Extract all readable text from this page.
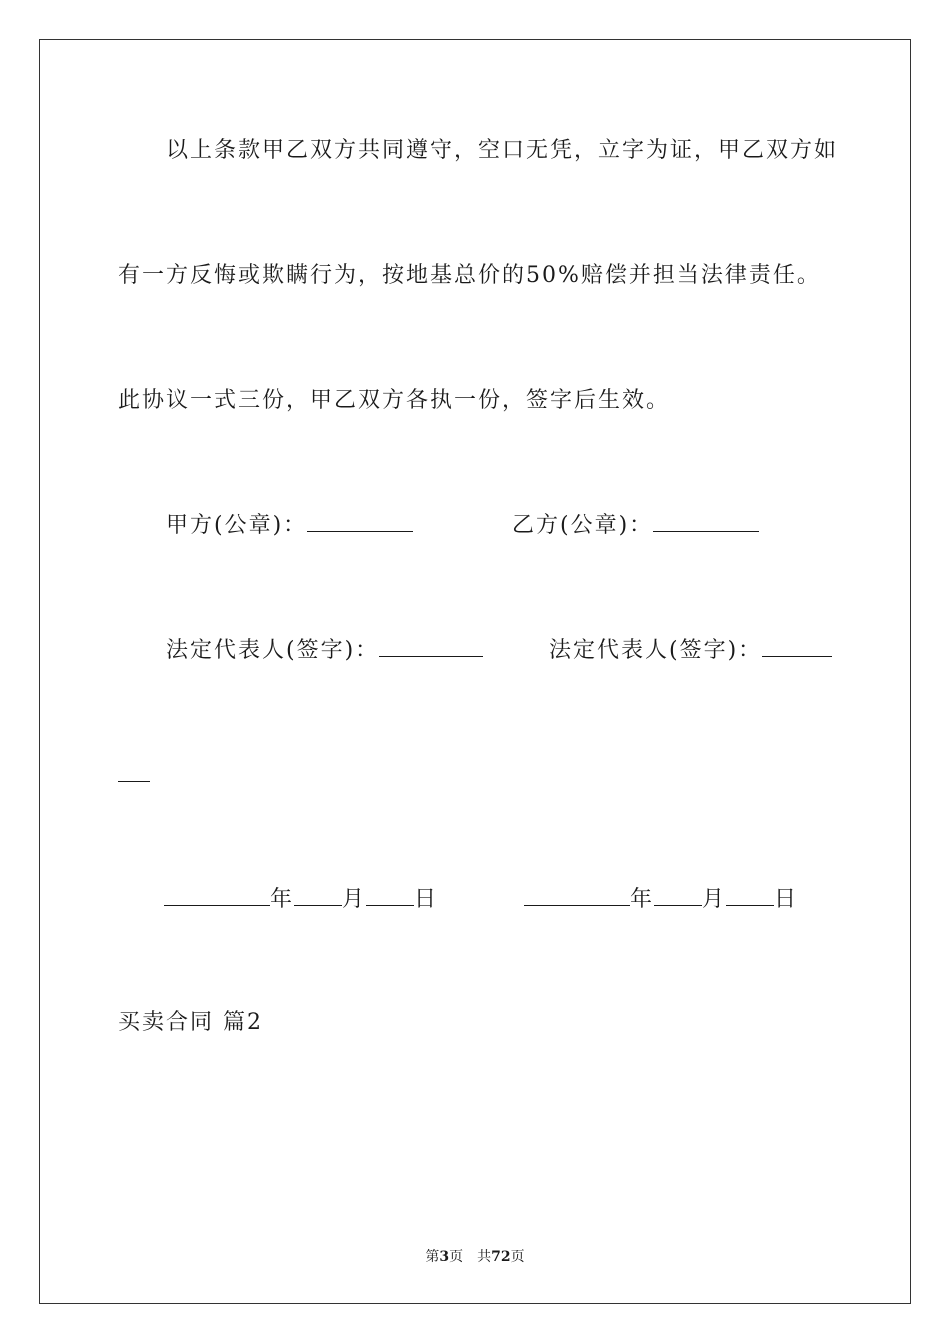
以上条款甲乙双方共同遵守，空口无凭，立字为证，甲乙双方如
有一方反悔或欺瞒行为，按地基总价的50%赔偿并担当法律责任。
此协议一式三份，甲乙双方各执一份，签字后生效。
甲方(公章)：	乙方(公章)：
法定代表人(签字)：	法定代表人(签字)：
年 月 日	年 月 日
买卖合同 篇2
第3页　共72页
